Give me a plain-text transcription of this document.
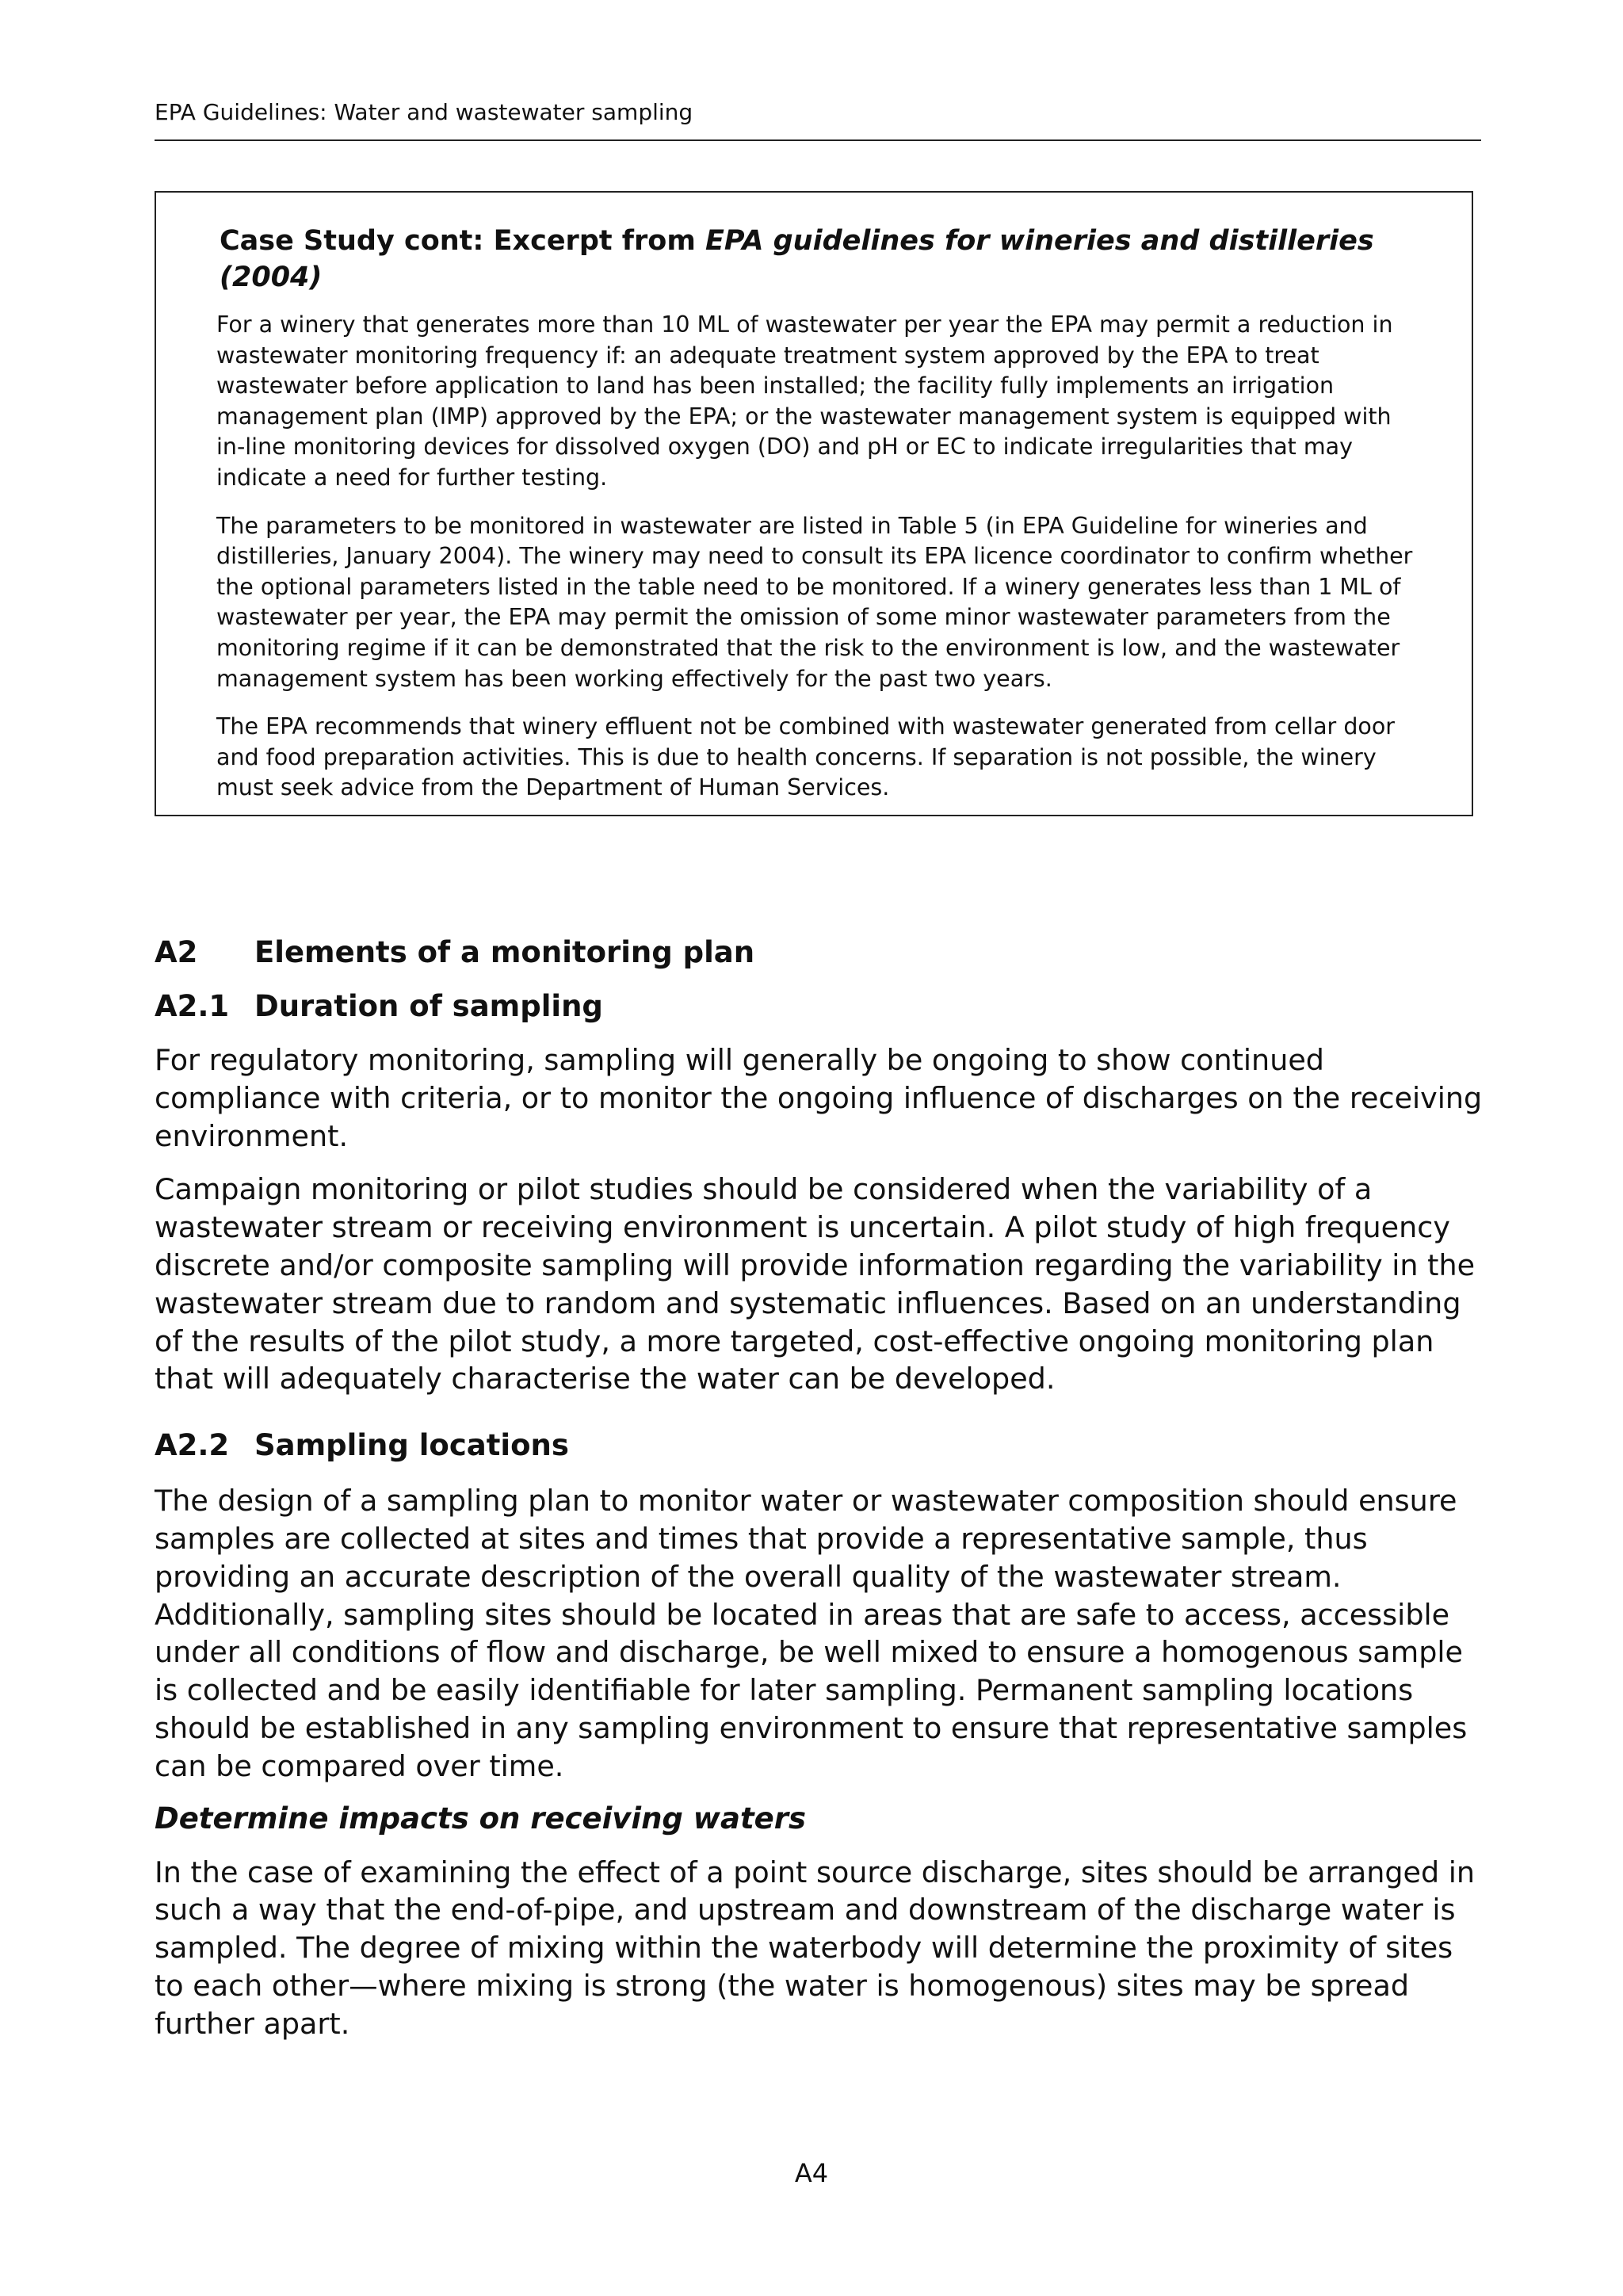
EPA Guidelines: Water and wastewater sampling
Case Study cont: Excerpt from EPA guidelines for wineries and distilleries (2004)

For a winery that generates more than 10 ML of wastewater per year the EPA may permit a reduction in wastewater monitoring frequency if: an adequate treatment system approved by the EPA to treat wastewater before application to land has been installed; the facility fully implements an irrigation management plan (IMP) approved by the EPA; or the wastewater management system is equipped with in-line monitoring devices for dissolved oxygen (DO) and pH or EC to indicate irregularities that may indicate a need for further testing.

The parameters to be monitored in wastewater are listed in Table 5 (in EPA Guideline for wineries and distilleries, January 2004). The winery may need to consult its EPA licence coordinator to confirm whether the optional parameters listed in the table need to be monitored. If a winery generates less than 1 ML of wastewater per year, the EPA may permit the omission of some minor wastewater parameters from the monitoring regime if it can be demonstrated that the risk to the environment is low, and the wastewater management system has been working effectively for the past two years.

The EPA recommends that winery effluent not be combined with wastewater generated from cellar door and food preparation activities. This is due to health concerns. If separation is not possible, the winery must seek advice from the Department of Human Services.

A2	Elements of a monitoring plan
A2.1 Duration of sampling

For regulatory monitoring, sampling will generally be ongoing to show continued compliance with criteria, or to monitor the ongoing influence of discharges on the receiving environment.

Campaign monitoring or pilot studies should be considered when the variability of a wastewater stream or receiving environment is uncertain. A pilot study of high frequency discrete and/or composite sampling will provide information regarding the variability in the wastewater stream due to random and systematic influences. Based on an understanding of the results of the pilot study, a more targeted, cost-effective ongoing monitoring plan that will adequately characterise the water can be developed.

A2.2 Sampling locations

The design of a sampling plan to monitor water or wastewater composition should ensure samples are collected at sites and times that provide a representative sample, thus providing an accurate description of the overall quality of the wastewater stream. Additionally, sampling sites should be located in areas that are safe to access, accessible under all conditions of flow and discharge, be well mixed to ensure a homogenous sample is collected and be easily identifiable for later sampling. Permanent sampling locations should be established in any sampling environment to ensure that representative samples can be compared over time.

Determine impacts on receiving waters

In the case of examining the effect of a point source discharge, sites should be arranged in such a way that the end-of-pipe, and upstream and downstream of the discharge water is sampled. The degree of mixing within the waterbody will determine the proximity of sites to each other—where mixing is strong (the water is homogenous) sites may be spread further apart.

A4
